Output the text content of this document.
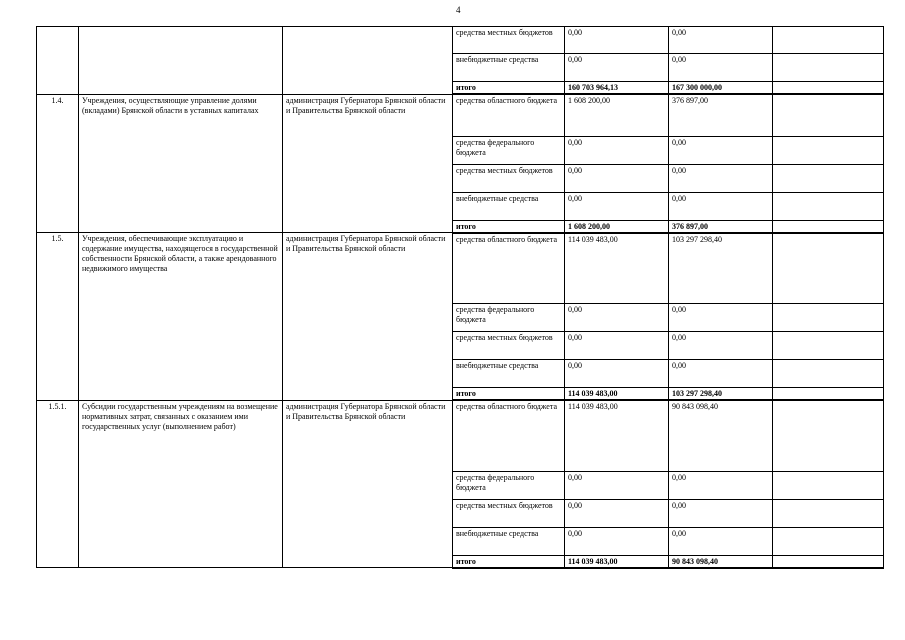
4
			средства местных бюджетов	0,00	0,00	
			внебюджетные средства	0,00	0,00	
			итого	160 703 964,13	167 300 000,00	
1.4.	Учреждения, осуществляющие управление долями (вкладами) Брянской области в уставных капиталах	администрация Губернатора Брянской области и Правительства Брянской области	средства областного бюджета	1 608 200,00	376 897,00	
			средства федерального бюджета	0,00	0,00	
			средства местных бюджетов	0,00	0,00	
			внебюджетные средства	0,00	0,00	
			итого	1 608 200,00	376 897,00	
1.5.	Учреждения, обеспечивающие эксплуатацию и содержание имущества, находящегося в государственной собственности Брянской области, а также арендованного недвижимого имущества	администрация Губернатора Брянской области и Правительства Брянской области	средства областного бюджета	114 039 483,00	103 297 298,40	
			средства федерального бюджета	0,00	0,00	
			средства местных бюджетов	0,00	0,00	
			внебюджетные средства	0,00	0,00	
			итого	114 039 483,00	103 297 298,40	
1.5.1.	Субсидии государственным учреждениям на возмещение нормативных затрат, связанных с оказанием ими государственных услуг (выполнением работ)	администрация Губернатора Брянской области и Правительства Брянской области	средства областного бюджета	114 039 483,00	90 843 098,40	
			средства федерального бюджета	0,00	0,00	
			средства местных бюджетов	0,00	0,00	
			внебюджетные средства	0,00	0,00	
			итого	114 039 483,00	90 843 098,40	
